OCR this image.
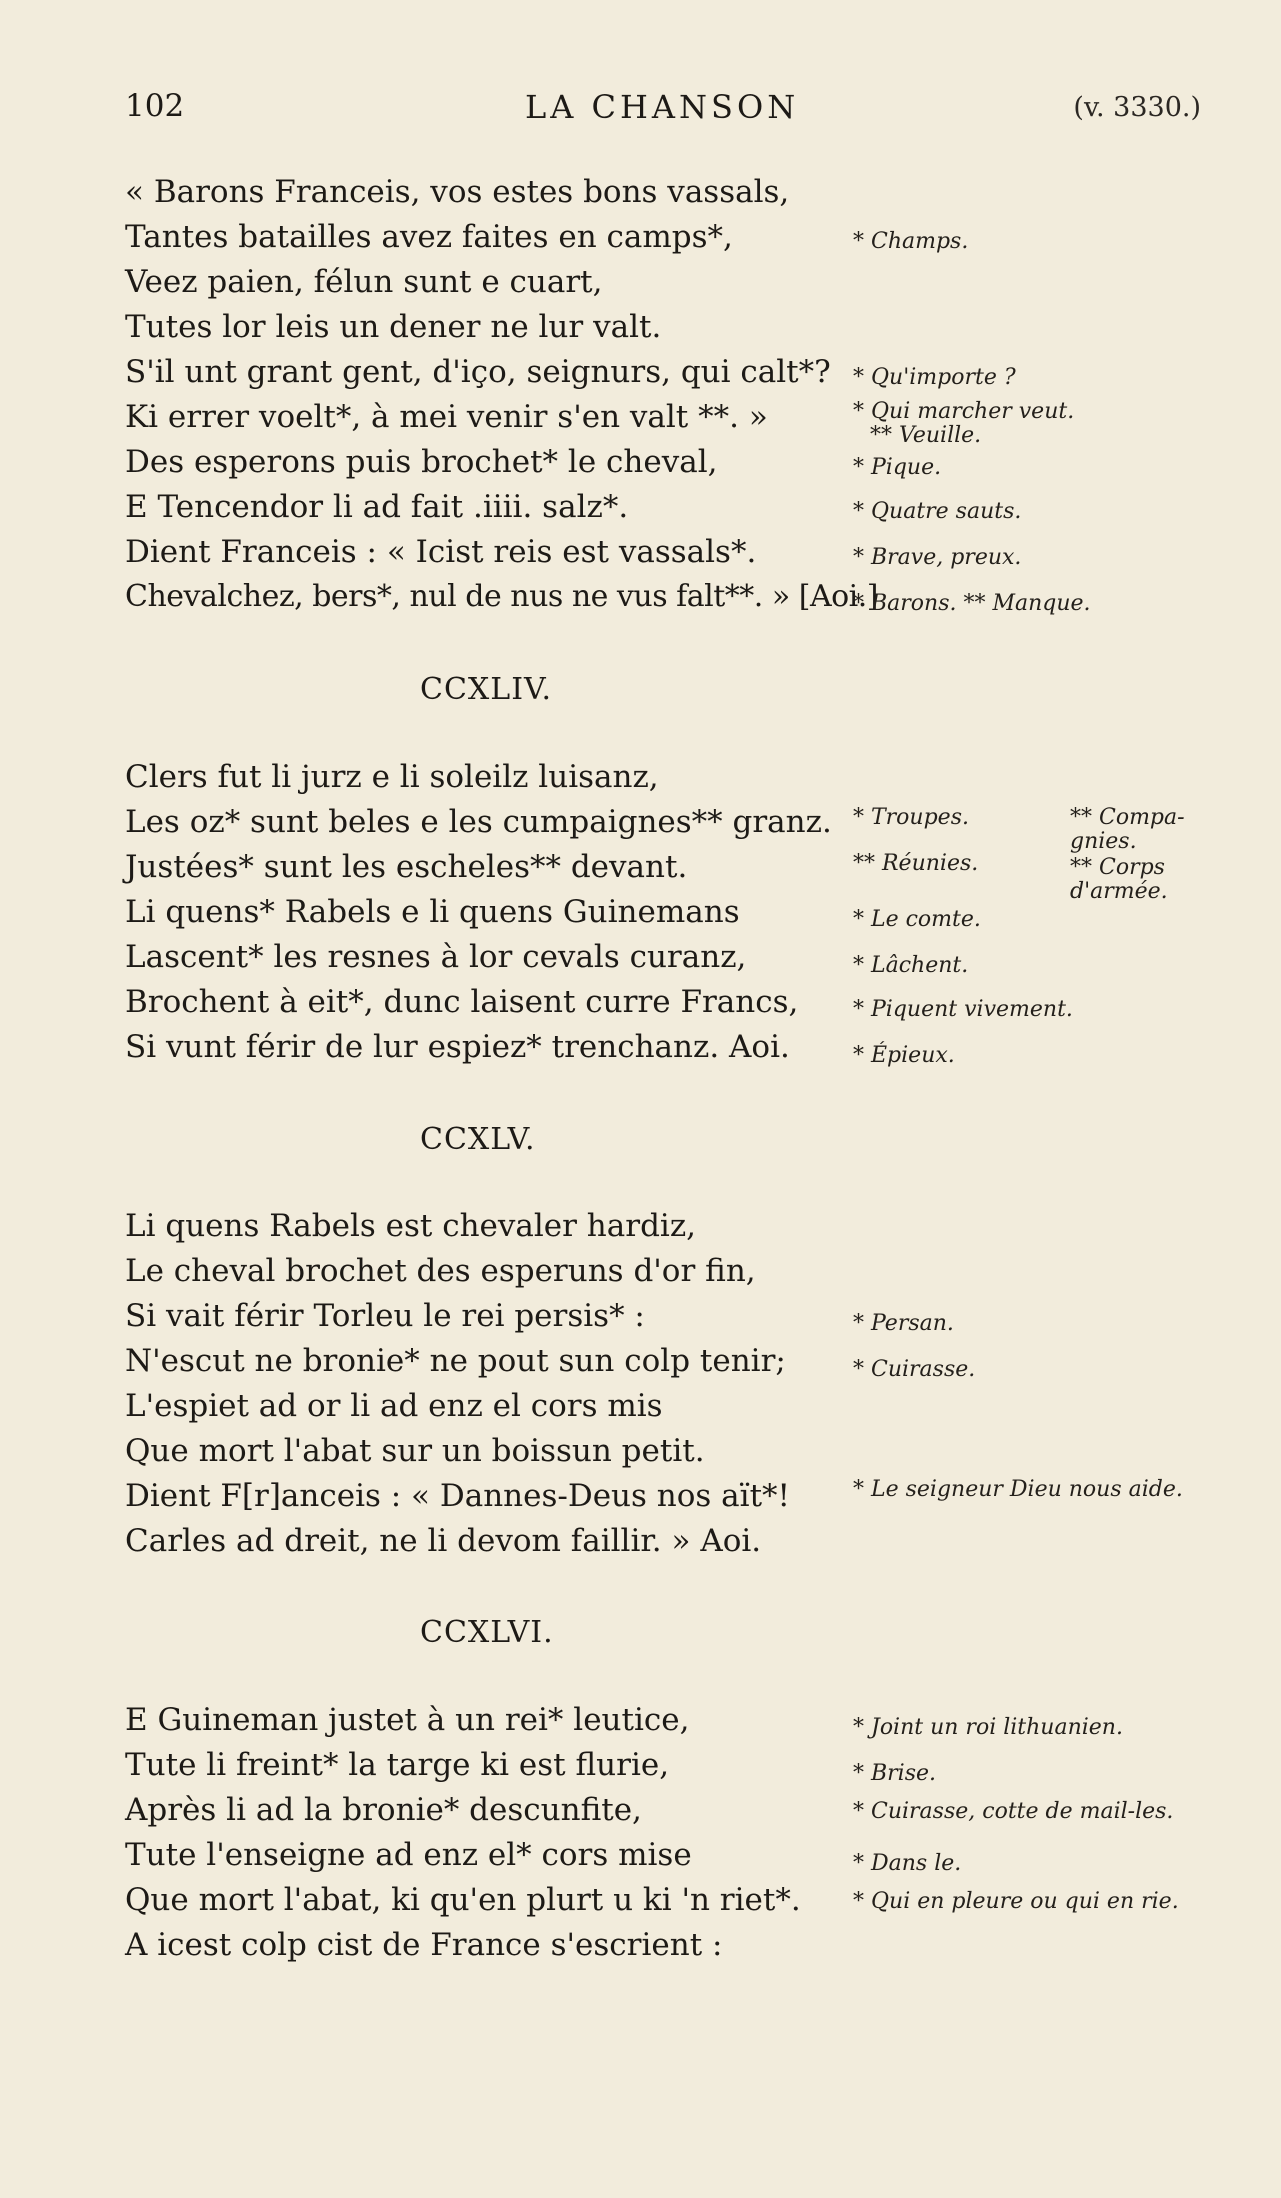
102	LA CHANSON	(v. 3330.)
« Barons Franceis, vos estes bons vassals,
Tantes batailles avez faites en camps*,
Veez paien, félun sunt e cuart,
Tutes lor leis un dener ne lur valt.
S'il unt grant gent, d'iço, seignurs, qui calt*?
Ki errer voelt*, à mei venir s'en valt **. »
Des esperons puis brochet* le cheval,
E Tencendor li ad fait .iiii. salz*.
Dient Franceis : « Icist reis est vassals*.
Chevalchez, bers*, nul de nus ne vus falt**. » [Aoi.]
* Champs.
* Qu'importe ?
* Qui marcher veut.
** Veuille.
* Pique.
* Quatre sauts.
* Brave, preux.
* Barons. ** Manque.
CCXLIV.
Clers fut li jurz e li soleilz luisanz,
Les oz* sunt beles e les cumpaignes** granz.
Justées* sunt les escheles** devant.
Li quens* Rabels e li quens Guinemans
Lascent* les resnes à lor cevals curanz,
Brochent à eit*, dunc laisent curre Francs,
Si vunt férir de lur espiez* trenchanz. Aoi.
* Troupes.	** Compa-gnies.
** Réunies.	** Corps d'armée.
* Le comte.
* Lâchent.
* Piquent vivement.
* Épieux.
CCXLV.
Li quens Rabels est chevaler hardiz,
Le cheval brochet des esperuns d'or fin,
Si vait férir Torleu le rei persis* :
N'escut ne bronie* ne pout sun colp tenir;
L'espiet ad or li ad enz el cors mis
Que mort l'abat sur un boissun petit.
Dient F[r]anceis : « Dannes-Deus nos aït*!
Carles ad dreit, ne li devom faillir. » Aoi.
* Persan.
* Cuirasse.
* Le seigneur Dieu nous aide.
CCXLVI.
E Guineman justet à un rei* leutice,
Tute li freint* la targe ki est flurie,
Après li ad la bronie* descunfite,
Tute l'enseigne ad enz el* cors mise
Que mort l'abat, ki qu'en plurt u ki 'n riet*.
A icest colp cist de France s'escrient :
* Joint un roi lithuanien.
* Brise.
* Cuirasse, cotte de mail-les.
* Dans le.
* Qui en pleure ou qui en rie.
